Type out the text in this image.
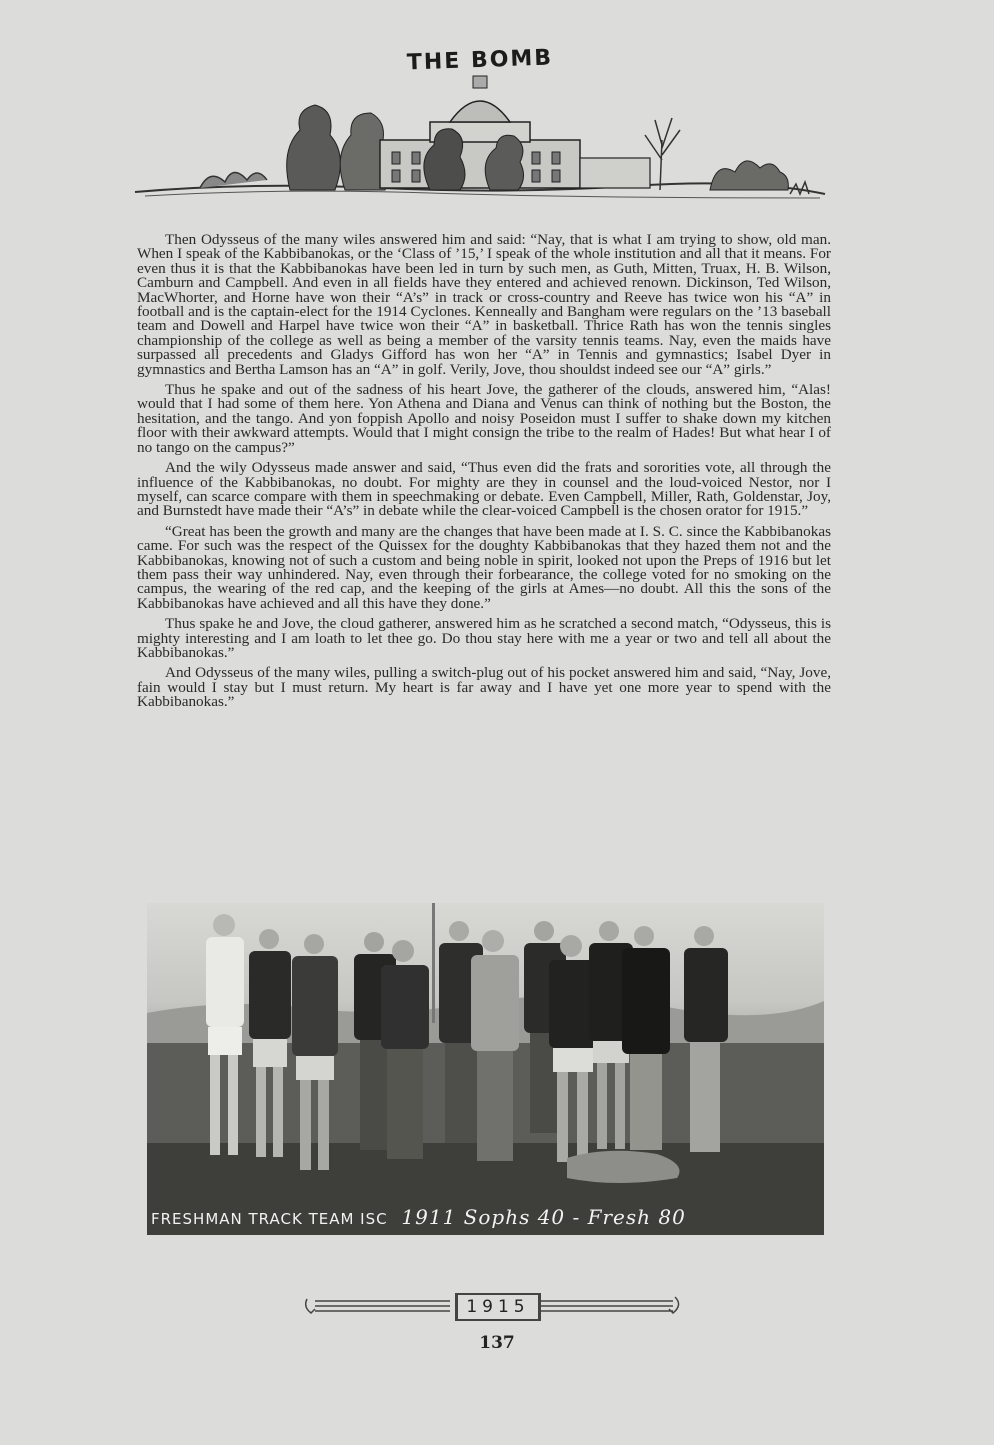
THE BOMB

Then Odysseus of the many wiles answered him and said: “Nay, that is what I am trying to show, old man. When I speak of the Kabbibanokas, or the ‘Class of ’15,’ I speak of the whole institution and all that it means. For even thus it is that the Kabbibanokas have been led in turn by such men, as Guth, Mitten, Truax, H. B. Wilson, Camburn and Campbell. And even in all fields have they entered and achieved renown. Dickinson, Ted Wilson, MacWhorter, and Horne have won their “A’s” in track or cross-country and Reeve has twice won his “A” in football and is the captain-elect for the 1914 Cyclones. Kenneally and Bangham were regulars on the ’13 baseball team and Dowell and Harpel have twice won their “A” in basketball. Thrice Rath has won the tennis singles championship of the college as well as being a member of the varsity tennis teams. Nay, even the maids have surpassed all precedents and Gladys Gifford has won her “A” in Tennis and gymnastics; Isabel Dyer in gymnastics and Bertha Lamson has an “A” in golf. Verily, Jove, thou shouldst indeed see our “A” girls.”

Thus he spake and out of the sadness of his heart Jove, the gatherer of the clouds, answered him, “Alas! would that I had some of them here. Yon Athena and Diana and Venus can think of nothing but the Boston, the hesitation, and the tango. And yon foppish Apollo and noisy Poseidon must I suffer to shake down my kitchen floor with their awkward attempts. Would that I might consign the tribe to the realm of Hades! But what hear I of no tango on the campus?”

And the wily Odysseus made answer and said, “Thus even did the frats and sororities vote, all through the influence of the Kabbibanokas, no doubt. For mighty are they in counsel and the loud-voiced Nestor, nor I myself, can scarce compare with them in speechmaking or debate. Even Campbell, Miller, Rath, Goldenstar, Joy, and Burnstedt have made their “A’s” in debate while the clear-voiced Campbell is the chosen orator for 1915.”

“Great has been the growth and many are the changes that have been made at I. S. C. since the Kabbibanokas came. For such was the respect of the Quissex for the doughty Kabbibanokas that they hazed them not and the Kabbibanokas, knowing not of such a custom and being noble in spirit, looked not upon the Preps of 1916 but let them pass their way unhindered. Nay, even through their forbearance, the college voted for no smoking on the campus, the wearing of the red cap, and the keeping of the girls at Ames—no doubt. All this the sons of the Kabbibanokas have achieved and all this have they done.”

Thus spake he and Jove, the cloud gatherer, answered him as he scratched a second match, “Odysseus, this is mighty interesting and I am loath to let thee go. Do thou stay here with me a year or two and tell all about the Kabbibanokas.”

And Odysseus of the many wiles, pulling a switch-plug out of his pocket answered him and said, “Nay, Jove, fain would I stay but I must return. My heart is far away and I have yet one more year to spend with the Kabbibanokas.”

FRESHMAN TRACK TEAM ISC 1911 Sophs 40 - Fresh 80
1915
137
